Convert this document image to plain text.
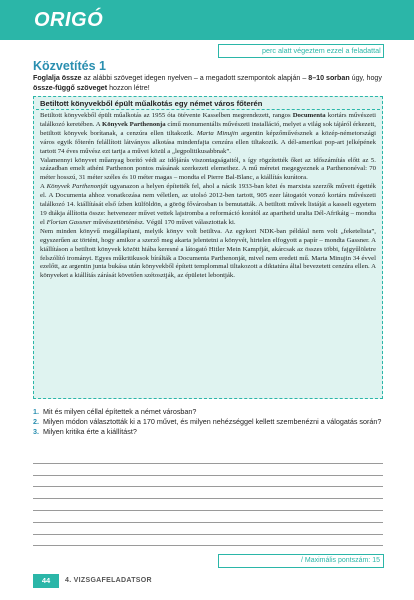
ORIGÓ
perc alatt végeztem ezzel a feladattal
Közvetítés 1
Foglalja össze az alábbi szöveget idegen nyelven – a megadott szempontok alapján – 8–10 sorban úgy, hogy össze-függő szöveget hozzon létre!
Betiltott könyvekből épült műalkotás egy német város főterén

Betiltott könyvekből épült műalkotás az 1955 óta ötévente Kasselben megrendezett, rangos Documenta kortárs művészeti találkozó keretében. A Könyvek Parthenonja című monumentális művészeti installáció, melyet a világ sok tájáról érkezett, betiltott könyvek borítanak, a cenzúra ellen tiltakozik. Marta Minujin argentin képzőművésznek a közép-németországi város egyik főterén felállított látványos alkotása mindenfajta cenzúra ellen tiltakozik. A dél-amerikai pop-art jelképének tartott 74 éves művész ezt tartja a művei közül a „legpolitikusabbnak”.

Valamennyi könyvet műanyag borító védi az időjárás viszontagságaitól, s így rögzítették őket az időszámítás előtt az 5. században emelt athéni Parthenon pontos másának szerkezeti elemeihez. A mű méretei megegyeznek a Parthenonéval: 70 méter hosszú, 31 méter széles és 10 méter magas – mondta el Pierre Bal-Blanc, a kiállítás kurátora.

A Könyvek Parthenonját ugyanazon a helyen építették fel, ahol a nácik 1933-ban közi és marxista szerzők műveit égették el. A Documenta ahhoz vonatkozása nem véletlen, az utolsó 2012-ben tartott, 905 ezer látogatót vonzó kortárs művészeti találkozó 14. kiállítását első ízben külföldön, a görög fővárosban is bemutatták. A betiltott művek listáját a kasseli egyetem 19 diákja állította össze: hetvenezer művet vettek lajstromba a reformáció korától az apartheid uralta Dél-Afrikáig – mondta el Florian Gassner művészettörténész. Végül 170 művet választottak ki.

Nem minden könyvű megállapítani, melyik könyv volt betiltva. Az egykori NDK-ban például nem volt „feketelista”, egyszerűen az történt, hogy amikor a szerző meg akarta jelentetni a könyvét, hirtelen elfogyott a papír – mondta Gassner. A kiállításon a betiltott könyvek között hiába keresné a látogató Hitler Mein Kampfját, akárcsak az összes többi, fajgyűlöletre felszólító irományt. Egyes műkritikusok bírálták a Documenta Parthenonját, mivel nem eredeti mű. Marta Minujin 34 évvel ezelőtt, az argentin junta bukása után könyvekből épített templommal tiltakozott a diktatúra által bevezetett cenzúra ellen. A könyveket a kiállítás zárását követően szétosztják, az épületet lebontják.

1. Mit és milyen céllal építettek a német városban?
2. Milyen módon választották ki a 170 művet, és milyen nehézséggel kellett szembenézni a válogatás során?
3. Milyen kritika érte a kiállítást?
/ Maximális pontszám: 15
44	4. VIZSGAFELADATSOR
